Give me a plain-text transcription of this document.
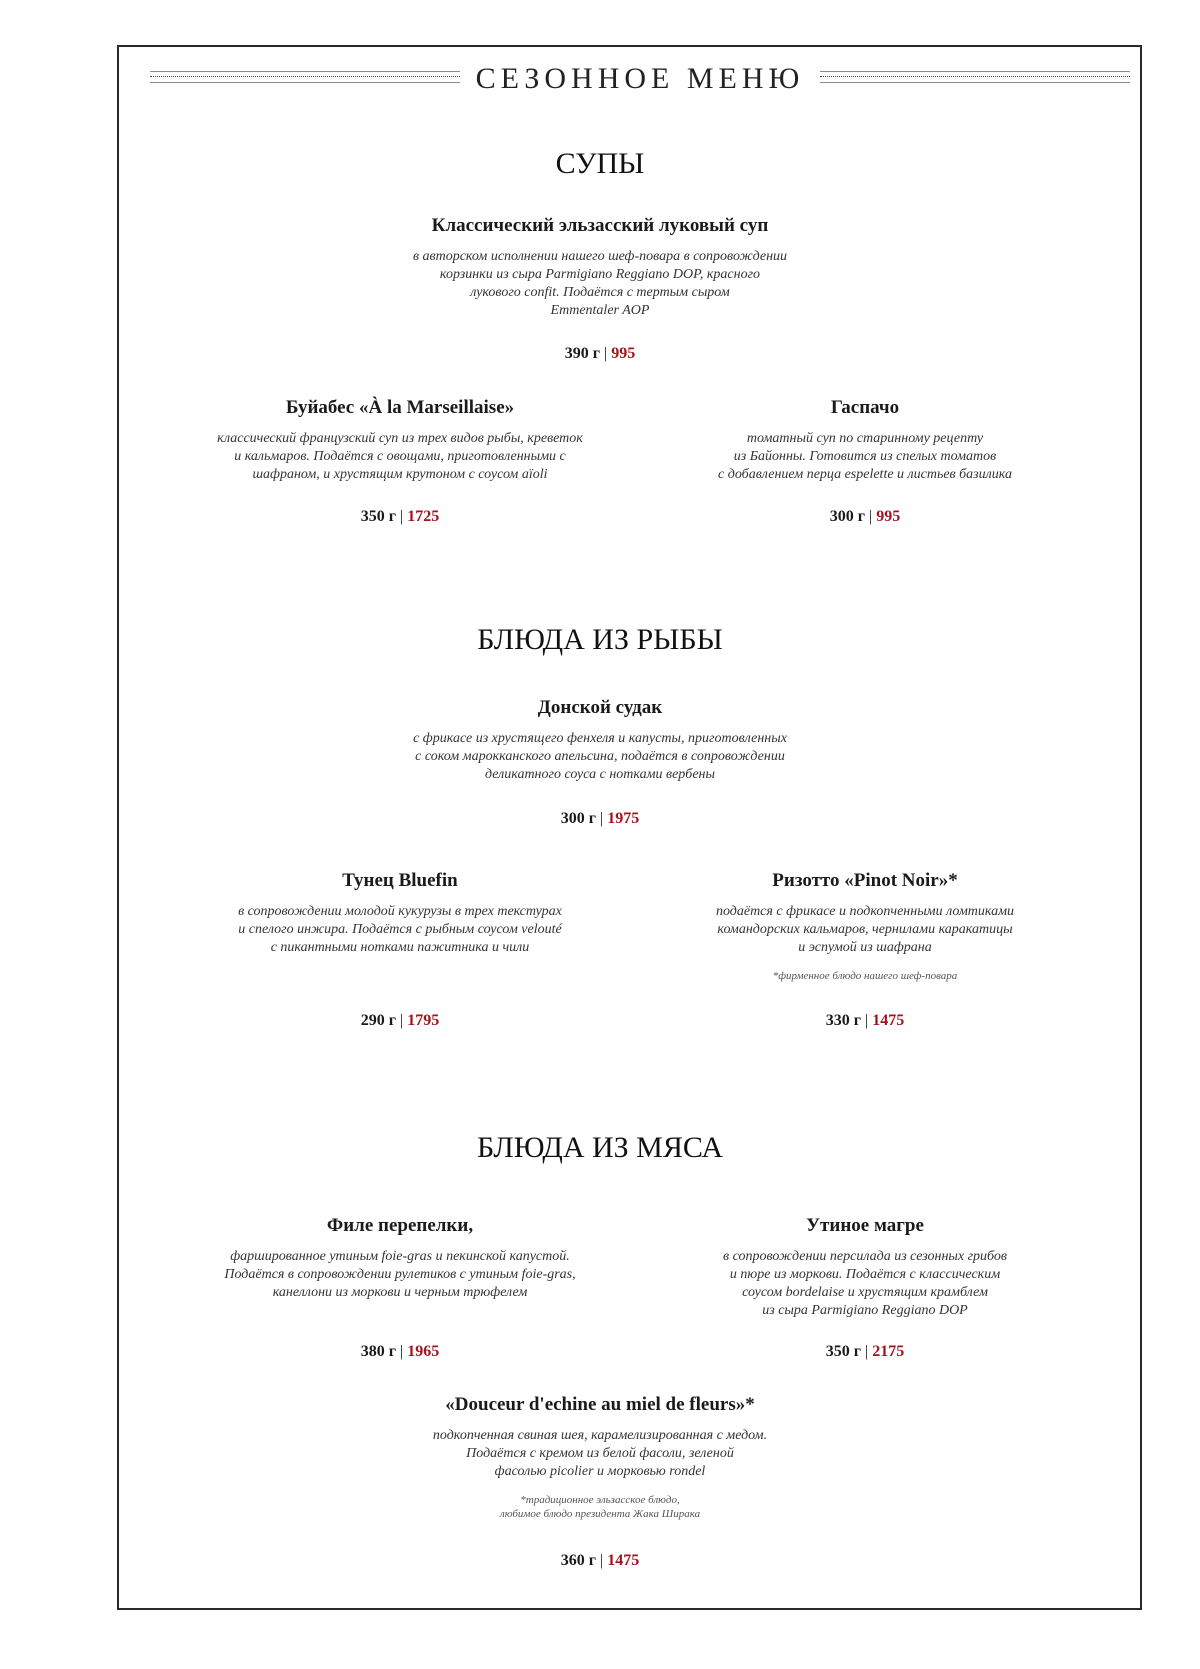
СЕЗОННОЕ МЕНЮ
СУПЫ
Классический эльзасский луковый суп
в авторском исполнении нашего шеф-повара в сопровождении
корзинки из сыра Parmigiano Reggiano DOP, красного
лукового confit. Подаётся с тертым сыром
Emmentaler AOP
390 г | 995
Буйабес «À la Marseillaise»
классический французский суп из трех видов рыбы, креветок
и кальмаров. Подаётся с овощами, приготовленными с
шафраном, и хрустящим крутоном с соусом aïoli
350 г | 1725
Гаспачо
томатный суп по старинному рецепту
из Байонны. Готовится из спелых томатов
с добавлением перца espelette и листьев базилика
300 г | 995
БЛЮДА ИЗ РЫБЫ
Донской судак
с фрикасе из хрустящего фенхеля и капусты, приготовленных
с соком марокканского апельсина, подаётся в сопровождении
деликатного соуса с нотками вербены
300 г | 1975
Тунец Bluefin
в сопровождении молодой кукурузы в трех текстурах
и спелого инжира. Подаётся с рыбным соусом velouté
с пикантными нотками пажитника и чили
290 г | 1795
Ризотто «Pinot Noir»*
подаётся с фрикасе и подкопченными ломтиками
командорских кальмаров, чернилами каракатицы
и эспумой из шафрана
*фирменное блюдо нашего шеф-повара
330 г | 1475
БЛЮДА ИЗ МЯСА
Филе перепелки,
фаршированное утиным foie-gras и пекинской капустой.
Подаётся в сопровождении рулетиков с утиным foie-gras,
канеллони из моркови и черным трюфелем
380 г | 1965
Утиное магре
в сопровождении персилада из сезонных грибов
и пюре из моркови. Подаётся с классическим
соусом bordelaise и хрустящим крамблем
из сыра Parmigiano Reggiano DOP
350 г | 2175
«Douceur d'echine au miel de fleurs»*
подкопченная свиная шея, карамелизированная с медом.
Подаётся с кремом из белой фасоли, зеленой
фасолью picolier и морковью rondel
*традиционное эльзасское блюдо,
любимое блюдо президента Жака Ширака
360 г | 1475
